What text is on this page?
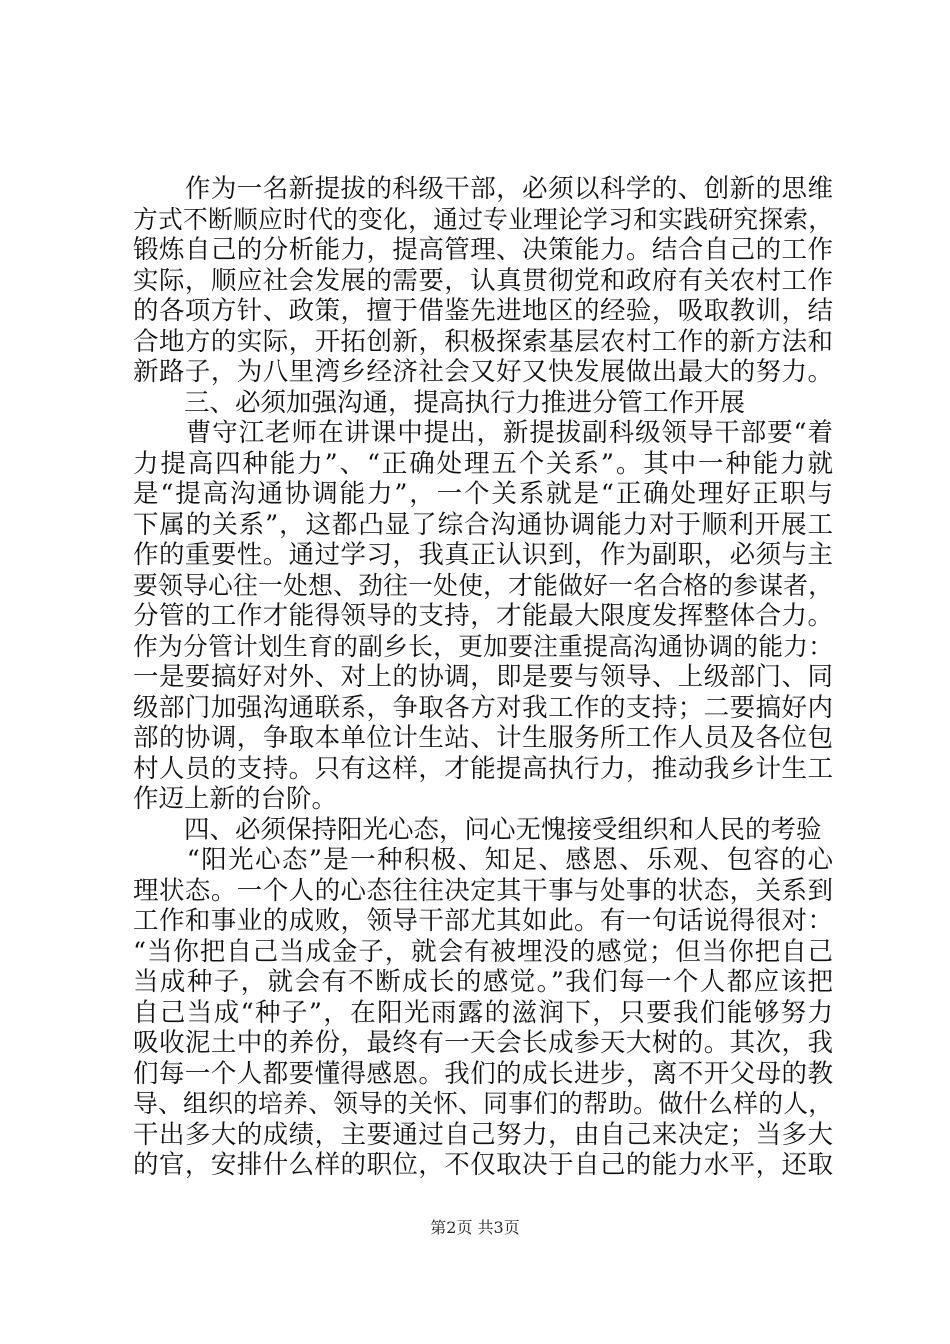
　　作为一名新提拔的科级干部，必须以科学的、创新的思维
方式不断顺应时代的变化，通过专业理论学习和实践研究探索，
锻炼自己的分析能力，提高管理、决策能力。结合自己的工作
实际，顺应社会发展的需要，认真贯彻党和政府有关农村工作
的各项方针、政策，擅于借鉴先进地区的经验，吸取教训，结
合地方的实际，开拓创新，积极探索基层农村工作的新方法和
新路子，为八里湾乡经济社会又好又快发展做出最大的努力。
　　三、必须加强沟通，提高执行力推进分管工作开展
　　曹守江老师在讲课中提出，新提拔副科级领导干部要“着
力提高四种能力”、“正确处理五个关系”。其中一种能力就
是“提高沟通协调能力”，一个关系就是“正确处理好正职与
下属的关系”，这都凸显了综合沟通协调能力对于顺利开展工
作的重要性。通过学习，我真正认识到，作为副职，必须与主
要领导心往一处想、劲往一处使，才能做好一名合格的参谋者，
分管的工作才能得领导的支持，才能最大限度发挥整体合力。
作为分管计划生育的副乡长，更加要注重提高沟通协调的能力：
一是要搞好对外、对上的协调，即是要与领导、上级部门、同
级部门加强沟通联系，争取各方对我工作的支持；二要搞好内
部的协调，争取本单位计生站、计生服务所工作人员及各位包
村人员的支持。只有这样，才能提高执行力，推动我乡计生工
作迈上新的台阶。
　　四、必须保持阳光心态，问心无愧接受组织和人民的考验
　　“阳光心态”是一种积极、知足、感恩、乐观、包容的心
理状态。一个人的心态往往决定其干事与处事的状态，关系到
工作和事业的成败，领导干部尤其如此。有一句话说得很对：
“当你把自己当成金子，就会有被埋没的感觉；但当你把自己
当成种子，就会有不断成长的感觉。”我们每一个人都应该把
自己当成“种子”，在阳光雨露的滋润下，只要我们能够努力
吸收泥土中的养份，最终有一天会长成参天大树的。其次，我
们每一个人都要懂得感恩。我们的成长进步，离不开父母的教
导、组织的培养、领导的关怀、同事们的帮助。做什么样的人，
干出多大的成绩，主要通过自己努力，由自己来决定；当多大
的官，安排什么样的职位，不仅取决于自己的能力水平，还取
第2页 共3页
